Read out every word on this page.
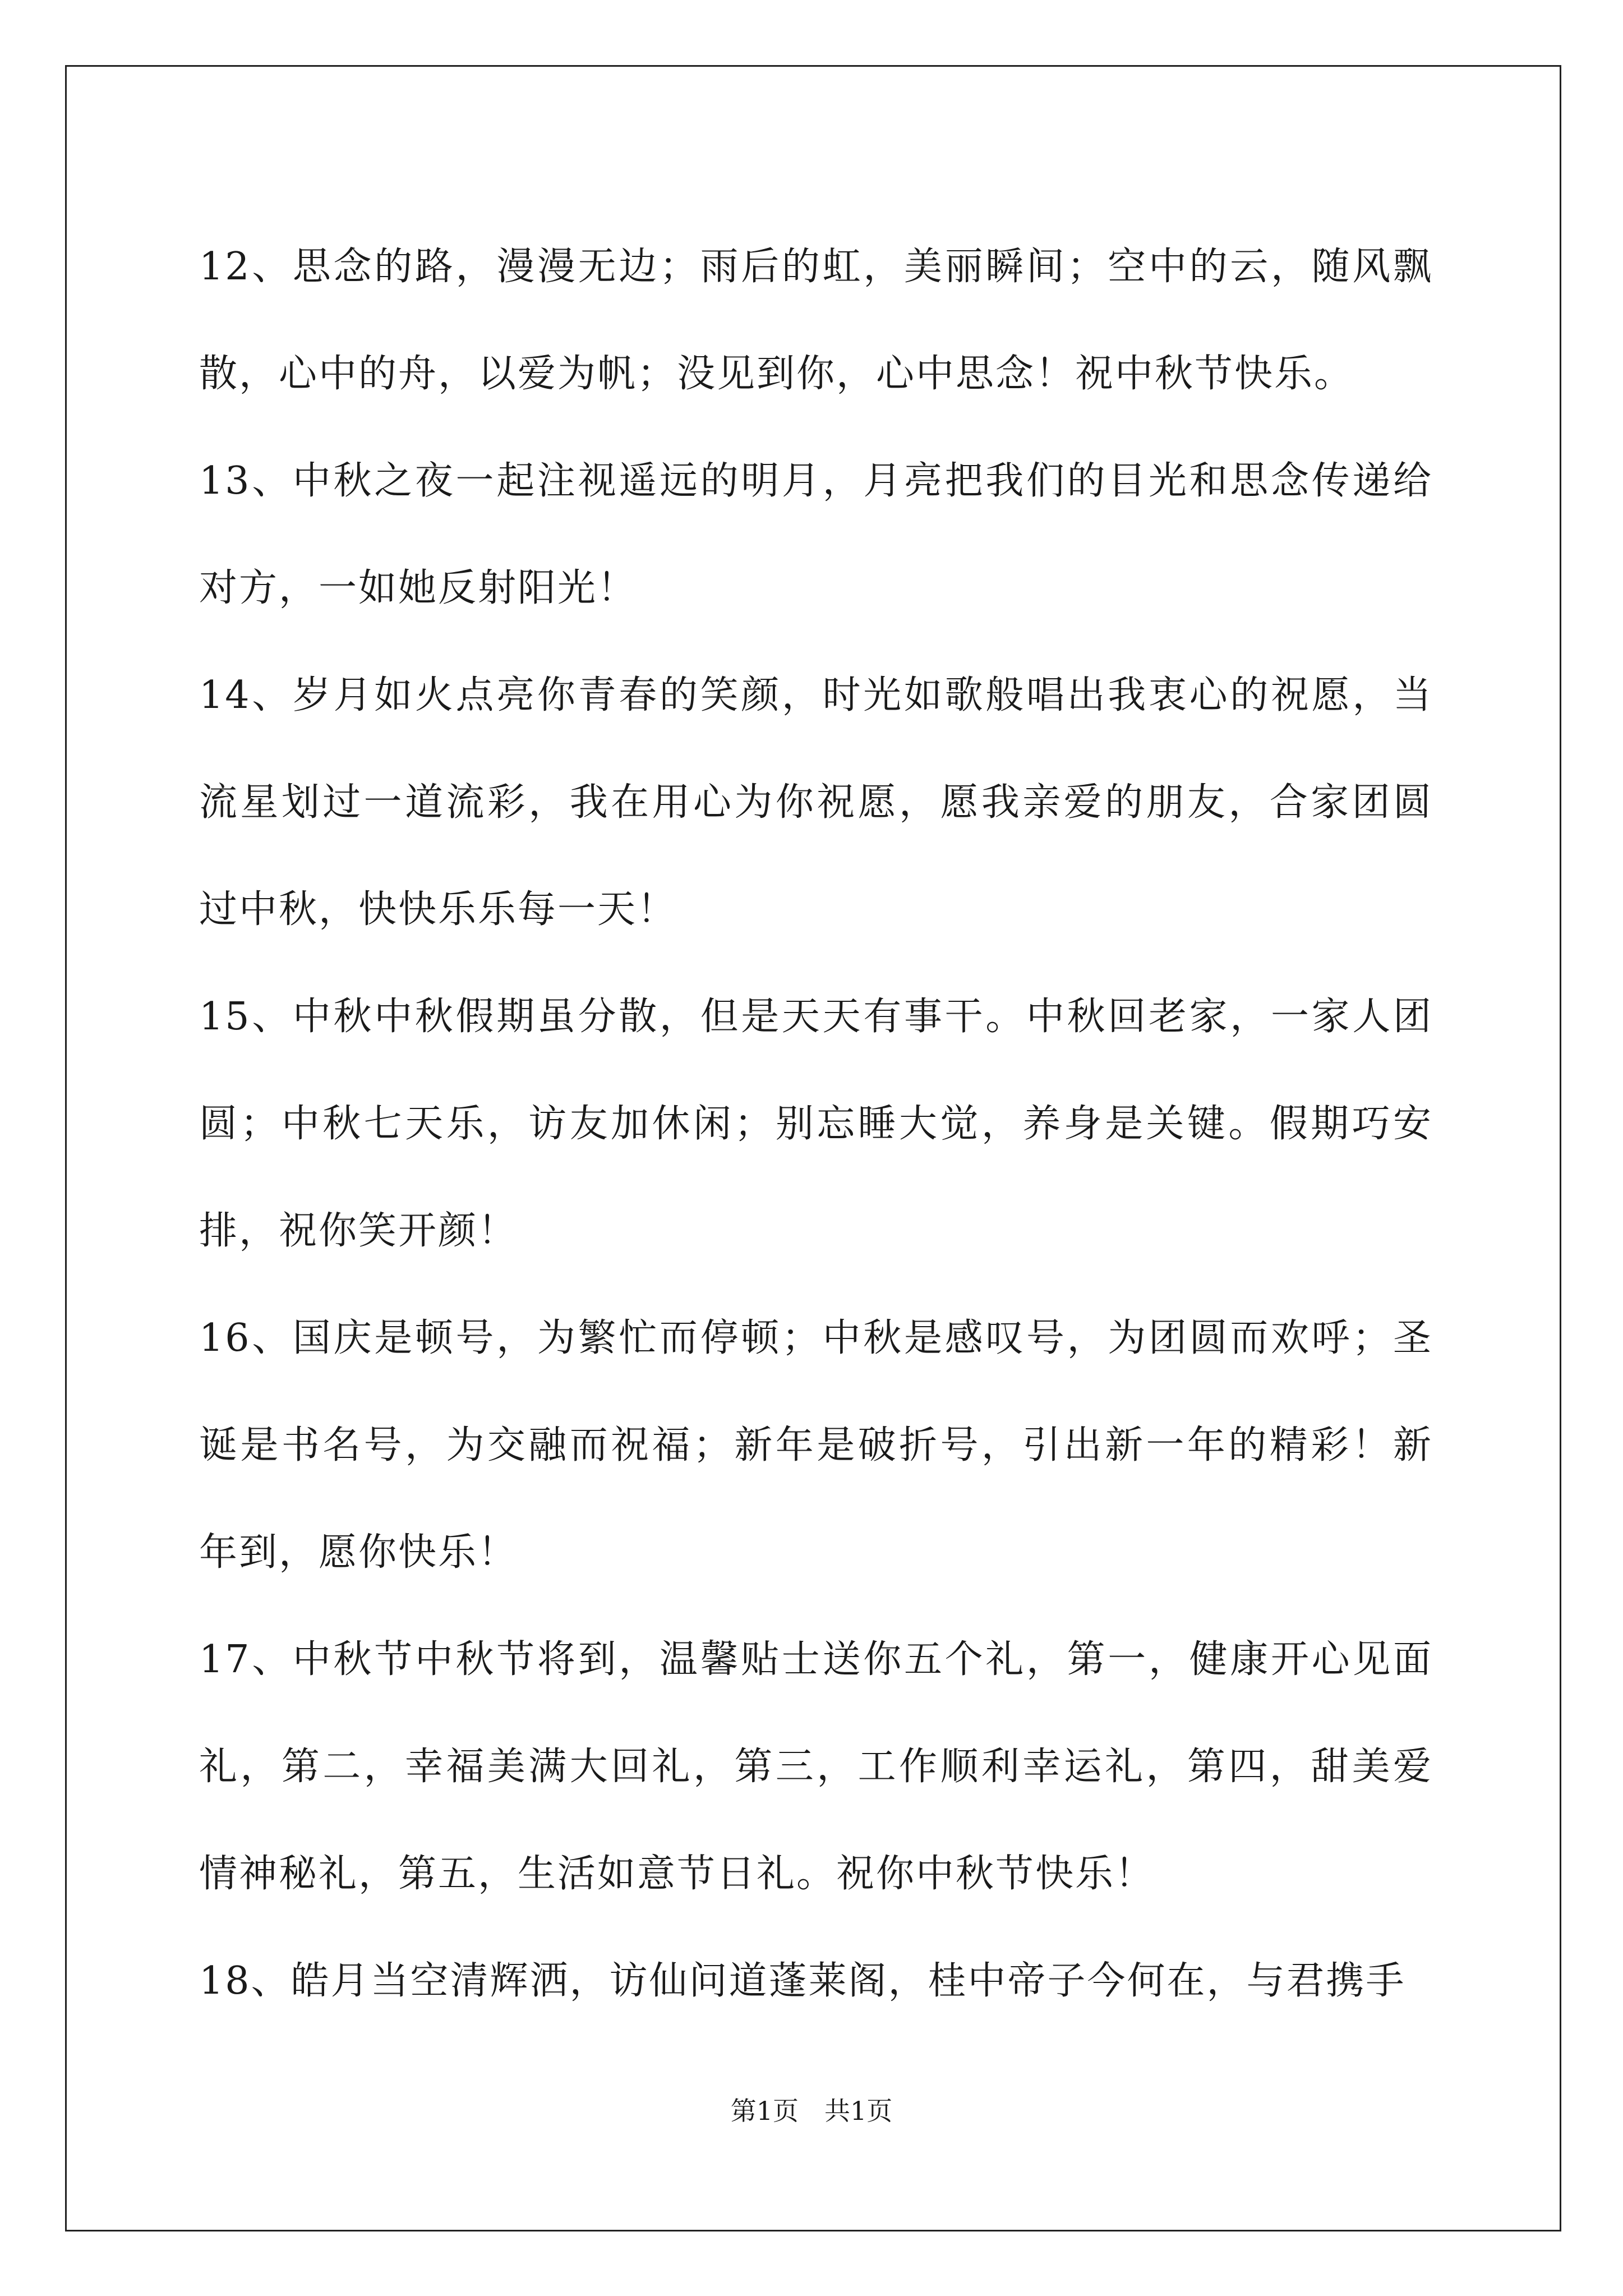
12、思念的路，漫漫无边；雨后的虹，美丽瞬间；空中的云，随风飘散，心中的舟，以爱为帆；没见到你，心中思念！祝中秋节快乐。

13、中秋之夜一起注视遥远的明月，月亮把我们的目光和思念传递给对方，一如她反射阳光！

14、岁月如火点亮你青春的笑颜，时光如歌般唱出我衷心的祝愿，当流星划过一道流彩，我在用心为你祝愿，愿我亲爱的朋友，合家团圆过中秋，快快乐乐每一天！

15、中秋中秋假期虽分散，但是天天有事干。中秋回老家，一家人团圆；中秋七天乐，访友加休闲；别忘睡大觉，养身是关键。假期巧安排，祝你笑开颜！

16、国庆是顿号，为繁忙而停顿；中秋是感叹号，为团圆而欢呼；圣诞是书名号，为交融而祝福；新年是破折号，引出新一年的精彩！新年到，愿你快乐！

17、中秋节中秋节将到，温馨贴士送你五个礼，第一，健康开心见面礼，第二，幸福美满大回礼，第三，工作顺利幸运礼，第四，甜美爱情神秘礼，第五，生活如意节日礼。祝你中秋节快乐！

18、皓月当空清辉洒，访仙问道蓬莱阁，桂中帝子今何在，与君携手

第1页 共1页
